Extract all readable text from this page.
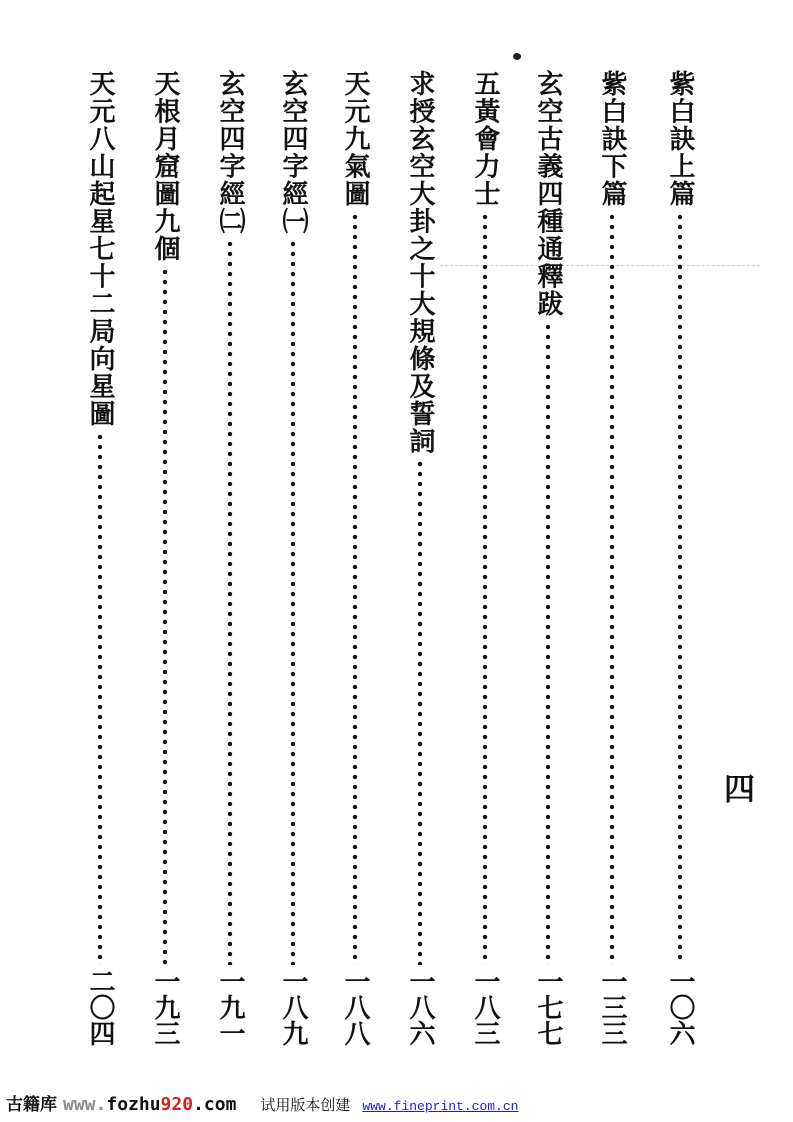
紫白訣上篇
一〇六
紫白訣下篇
一三三
玄空古義四種通釋跋
一七七
五黃會力士
一八三
求授玄空大卦之十大規條及誓詞
一八六
天元九氣圖
一八八
玄空四字經㈠
一八九
玄空四字經㈡
一九一
天根月窟圖九個
一九三
天元八山起星七十二局向星圖
二〇四
四
古籍库 www.fozhu920.com 试用版本创建 www.fineprint.com.cn
